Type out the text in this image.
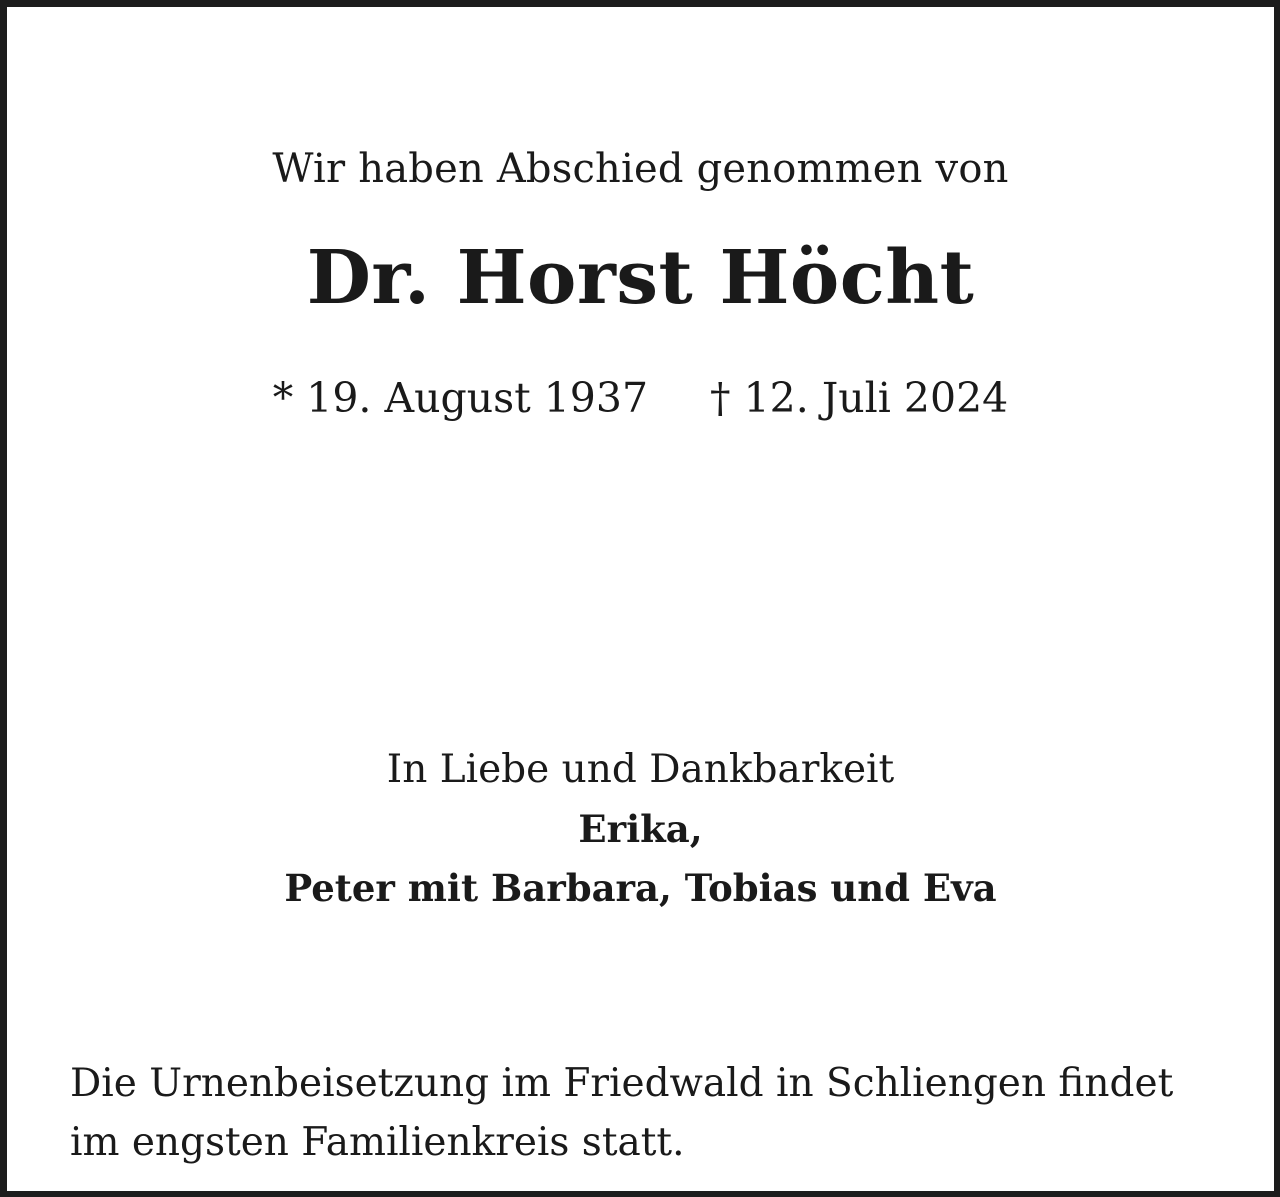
Wir haben Abschied genommen von
Dr. Horst Höcht
* 19. August 1937 † 12. Juli 2024
In Liebe und Dankbarkeit
Erika,
Peter mit Barbara, Tobias und Eva
Die Urnenbeisetzung im Friedwald in Schliengen findet im engsten Familienkreis statt.
